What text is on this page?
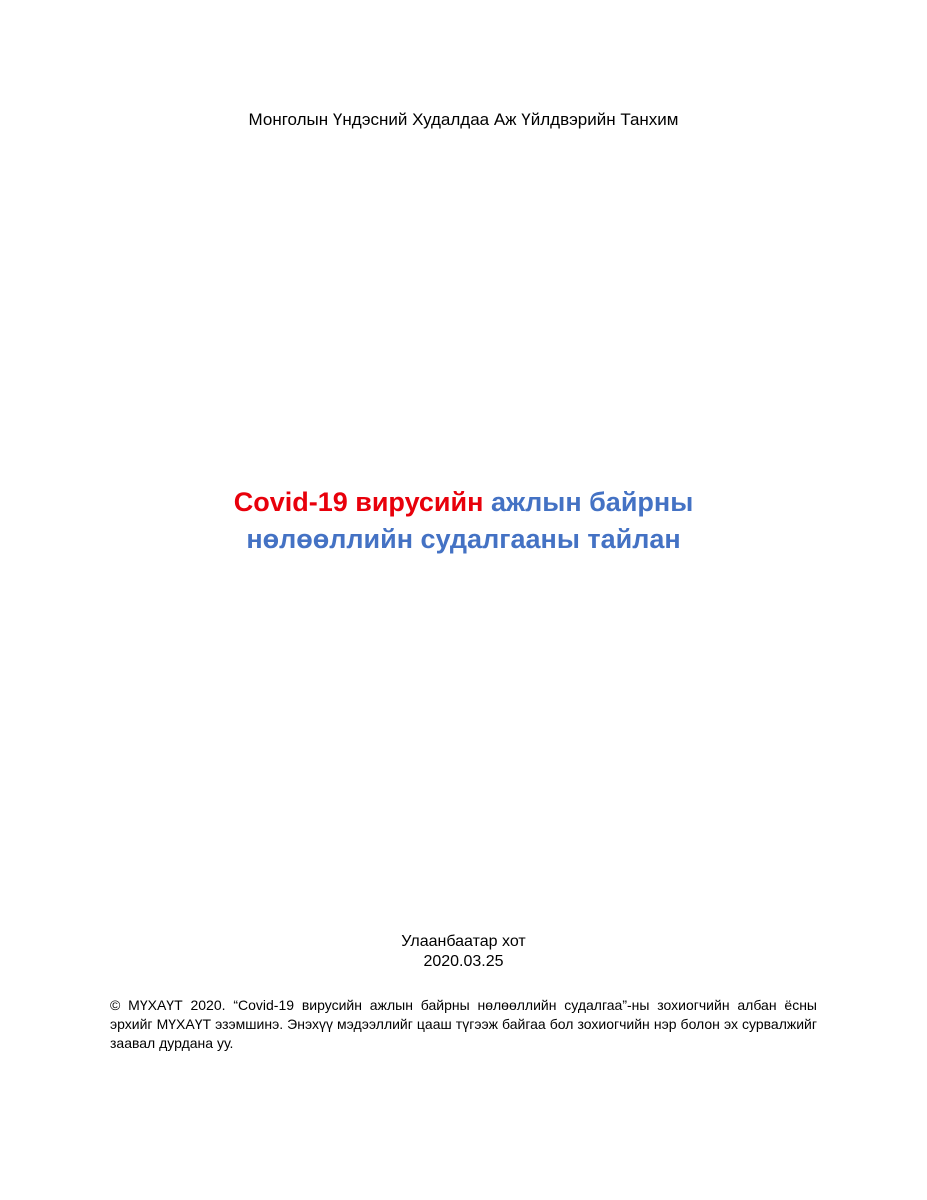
Монголын Үндэсний Худалдаа Аж Үйлдвэрийн Танхим
Covid-19 вирусийн ажлын байрны
нөлөөллийн судалгааны тайлан
Улаанбаатар хот
2020.03.25
© МҮХАҮТ 2020. “Covid-19 вирусийн ажлын байрны нөлөөллийн судалгаа”-ны зохиогчийн албан ёсны эрхийг МҮХАҮТ эзэмшинэ. Энэхүү мэдээллийг цааш түгээж байгаа бол зохиогчийн нэр болон эх сурвалжийг заавал дурдана уу.
